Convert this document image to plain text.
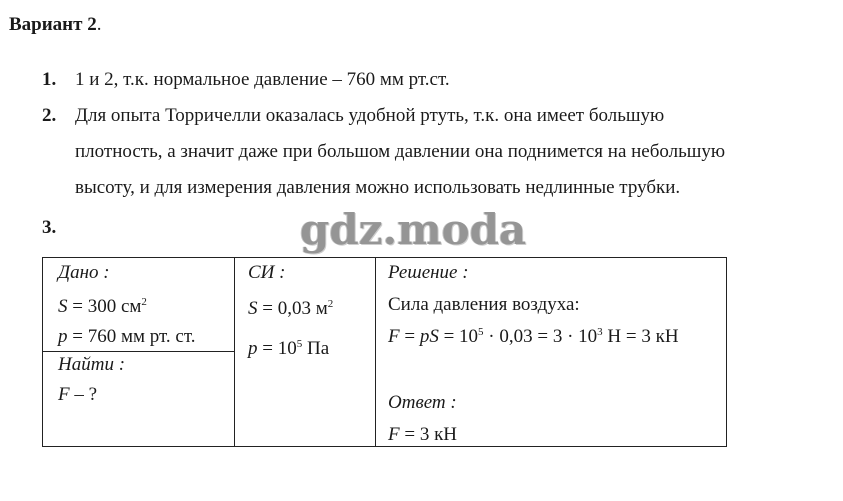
Вариант 2.
1. 1 и 2, т.к. нормальное давление – 760 мм рт.ст.
2. Для опыта Торричелли оказалась удобной ртуть, т.к. она имеет большую
плотность, а значит даже при большом давлении она поднимется на небольшую
высоту, и для измерения давления можно использовать недлинные трубки.
3.	gdz.moda
Дано :
S = 300 $см^2$
p = 760 мм рт. ст.
Найти :
F – ?
СИ :
S = 0,03 $м^2$
$p = 10^5$ Па
Решение :
Сила давления воздуха:
F = pS = $10^5 \cdot 0,03 = 3 \cdot 10^3$ Н = 3 кН
Ответ :
F = 3 кН
